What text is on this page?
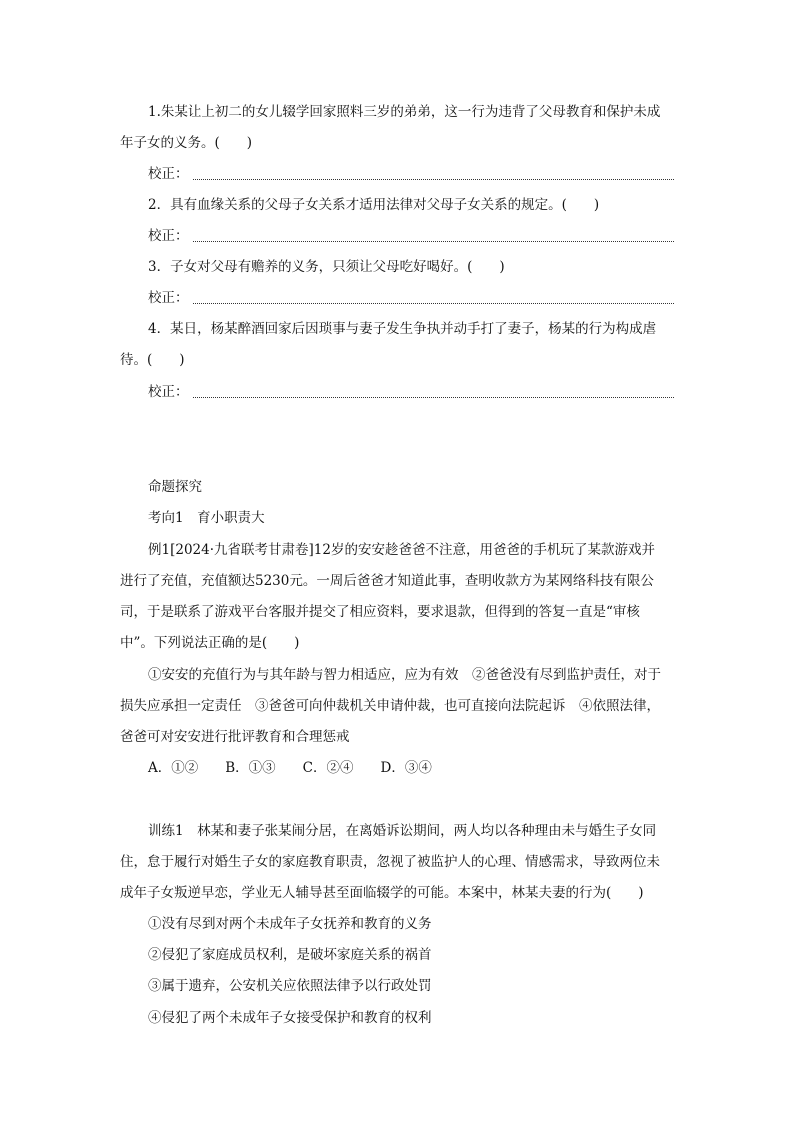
1.朱某让上初二的女儿辍学回家照料三岁的弟弟，这一行为违背了父母教育和保护未成
年子女的义务。(　　)
校正：
2．具有血缘关系的父母子女关系才适用法律对父母子女关系的规定。(　　)
校正：
3．子女对父母有赡养的义务，只须让父母吃好喝好。(　　)
校正：
4．某日，杨某醉酒回家后因琐事与妻子发生争执并动手打了妻子，杨某的行为构成虐
待。(　　)
校正：
命题探究
考向1　育小职责大
例1[2024·九省联考甘肃卷]12岁的安安趁爸爸不注意，用爸爸的手机玩了某款游戏并
进行了充值，充值额达5230元。一周后爸爸才知道此事，查明收款方为某网络科技有限公
司，于是联系了游戏平台客服并提交了相应资料，要求退款，但得到的答复一直是“审核
中”。下列说法正确的是(　　)
①安安的充值行为与其年龄与智力相适应，应为有效　②爸爸没有尽到监护责任，对于
损失应承担一定责任　③爸爸可向仲裁机关申请仲裁，也可直接向法院起诉　④依照法律，
爸爸可对安安进行批评教育和合理惩戒
A．①②　　B．①③　　C．②④　　D．③④
训练1　林某和妻子张某闹分居，在离婚诉讼期间，两人均以各种理由未与婚生子女同
住，怠于履行对婚生子女的家庭教育职责，忽视了被监护人的心理、情感需求，导致两位未
成年子女叛逆早恋，学业无人辅导甚至面临辍学的可能。本案中，林某夫妻的行为(　　)
①没有尽到对两个未成年子女抚养和教育的义务
②侵犯了家庭成员权利，是破坏家庭关系的祸首
③属于遗弃，公安机关应依照法律予以行政处罚
④侵犯了两个未成年子女接受保护和教育的权利
